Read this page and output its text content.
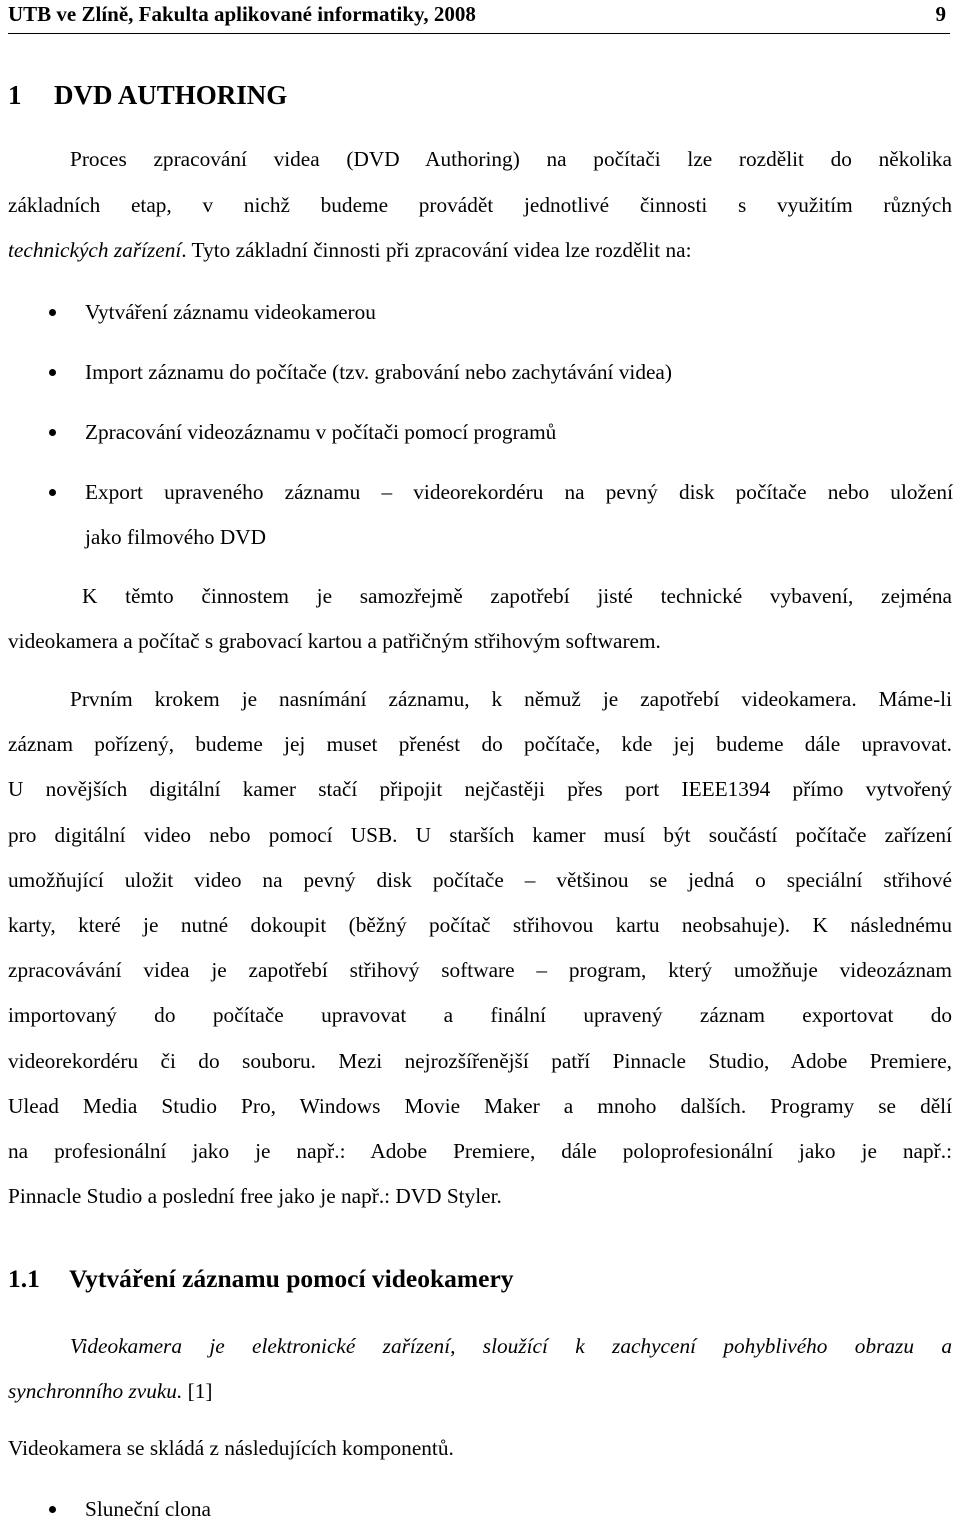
UTB ve Zlíně, Fakulta aplikované informatiky, 2008	9
1 DVD AUTHORING
Proces zpracování videa (DVD Authoring) na počítači lze rozdělit do několika
základních etap, v nichž budeme provádět jednotlivé činnosti s využitím různých
technických zařízení. Tyto základní činnosti při zpracování videa lze rozdělit na:
Vytváření záznamu videokamerou
Import záznamu do počítače (tzv. grabování nebo zachytávání videa)
Zpracování videozáznamu v počítači pomocí programů
Export upraveného záznamu – videorekordéru na pevný disk počítače nebo uložení
jako filmového DVD
K těmto činnostem je samozřejmě zapotřebí jisté technické vybavení, zejména
videokamera a počítač s grabovací kartou a patřičným střihovým softwarem.
Prvním krokem je nasnímání záznamu, k němuž je zapotřebí videokamera. Máme-li
záznam pořízený, budeme jej muset přenést do počítače, kde jej budeme dále upravovat.
U novějších digitální kamer stačí připojit nejčastěji přes port IEEE1394 přímo vytvořený
pro digitální video nebo pomocí USB. U starších kamer musí být součástí počítače zařízení
umožňující uložit video na pevný disk počítače – většinou se jedná o speciální střihové
karty, které je nutné dokoupit (běžný počítač střihovou kartu neobsahuje). K následnému
zpracovávání videa je zapotřebí střihový software – program, který umožňuje videozáznam
importovaný do počítače upravovat a finální upravený záznam exportovat do
videorekordéru či do souboru. Mezi nejrozšířenější patří Pinnacle Studio, Adobe Premiere,
Ulead Media Studio Pro, Windows Movie Maker a mnoho dalších. Programy se dělí
na profesionální jako je např.: Adobe Premiere, dále poloprofesionální jako je např.:
Pinnacle Studio a poslední free jako je např.: DVD Styler.
1.1 Vytváření záznamu pomocí videokamery
Videokamera je elektronické zařízení, sloužící k zachycení pohyblivého obrazu a
synchronního zvuku. [1]
Videokamera se skládá z následujících komponentů.
Sluneční clona
